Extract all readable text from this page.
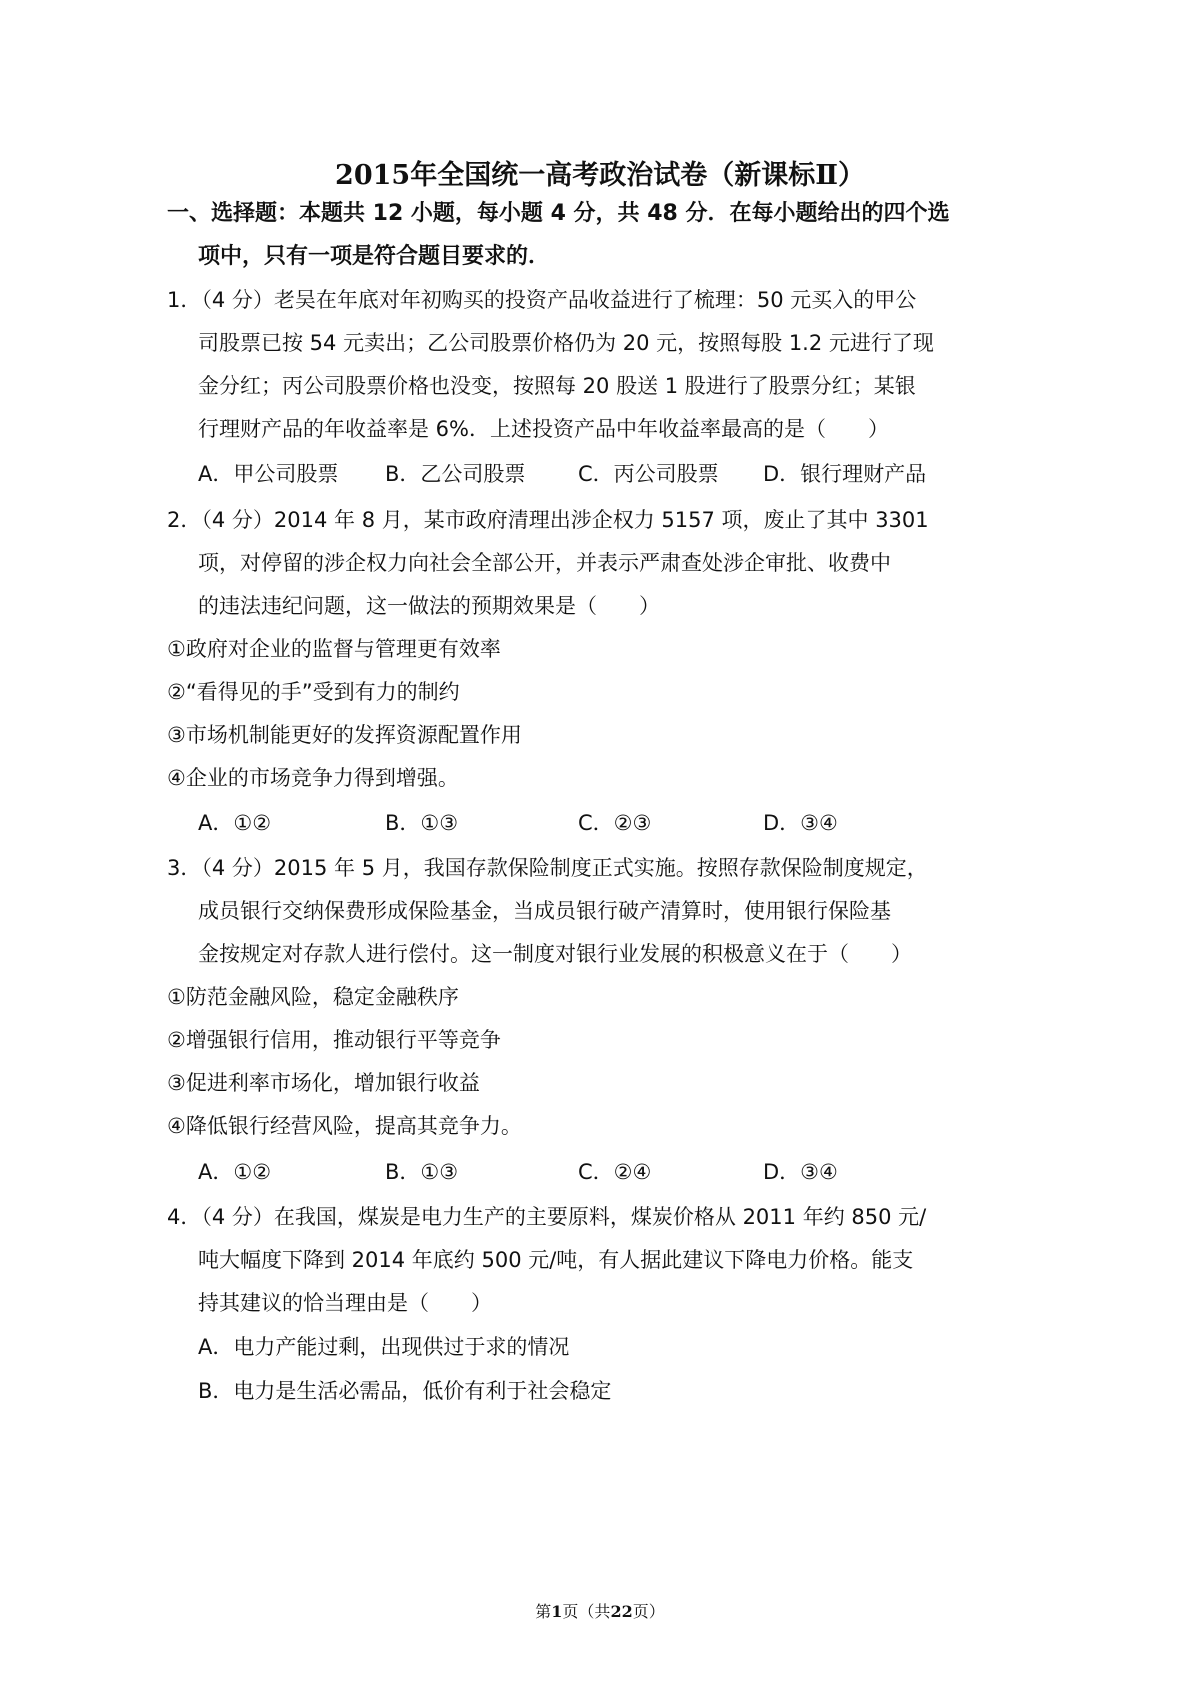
2015年全国统一高考政治试卷（新课标Ⅱ）
一、选择题：本题共 12 小题，每小题 4 分，共 48 分．在每小题给出的四个选
项中，只有一项是符合题目要求的．
1．（4 分）老吴在年底对年初购买的投资产品收益进行了梳理：50 元买入的甲公
司股票已按 54 元卖出；乙公司股票价格仍为 20 元，按照每股 1.2 元进行了现
金分红；丙公司股票价格也没变，按照每 20 股送 1 股进行了股票分红；某银
行理财产品的年收益率是 6%．上述投资产品中年收益率最高的是（　　）
A．甲公司股票 B．乙公司股票	C．丙公司股票 D．银行理财产品
2．（4 分）2014 年 8 月，某市政府清理出涉企权力 5157 项，废止了其中 3301
项，对停留的涉企权力向社会全部公开，并表示严肃查处涉企审批、收费中
的违法违纪问题，这一做法的预期效果是（　　）
①政府对企业的监督与管理更有效率
②“看得见的手”受到有力的制约
③市场机制能更好的发挥资源配置作用
④企业的市场竞争力得到增强。
A．①②	B．①③	C．②③	D．③④
3．（4 分）2015 年 5 月，我国存款保险制度正式实施。按照存款保险制度规定，
成员银行交纳保费形成保险基金，当成员银行破产清算时，使用银行保险基
金按规定对存款人进行偿付。这一制度对银行业发展的积极意义在于（　　）
①防范金融风险，稳定金融秩序
②增强银行信用，推动银行平等竞争
③促进利率市场化，增加银行收益
④降低银行经营风险，提高其竞争力。
A．①②	B．①③	C．②④	D．③④
4．（4 分）在我国，煤炭是电力生产的主要原料，煤炭价格从 2011 年约 850 元/
吨大幅度下降到 2014 年底约 500 元/吨，有人据此建议下降电力价格。能支
持其建议的恰当理由是（　　）
A．电力产能过剩，出现供过于求的情况
B．电力是生活必需品，低价有利于社会稳定
第1页（共22页）
